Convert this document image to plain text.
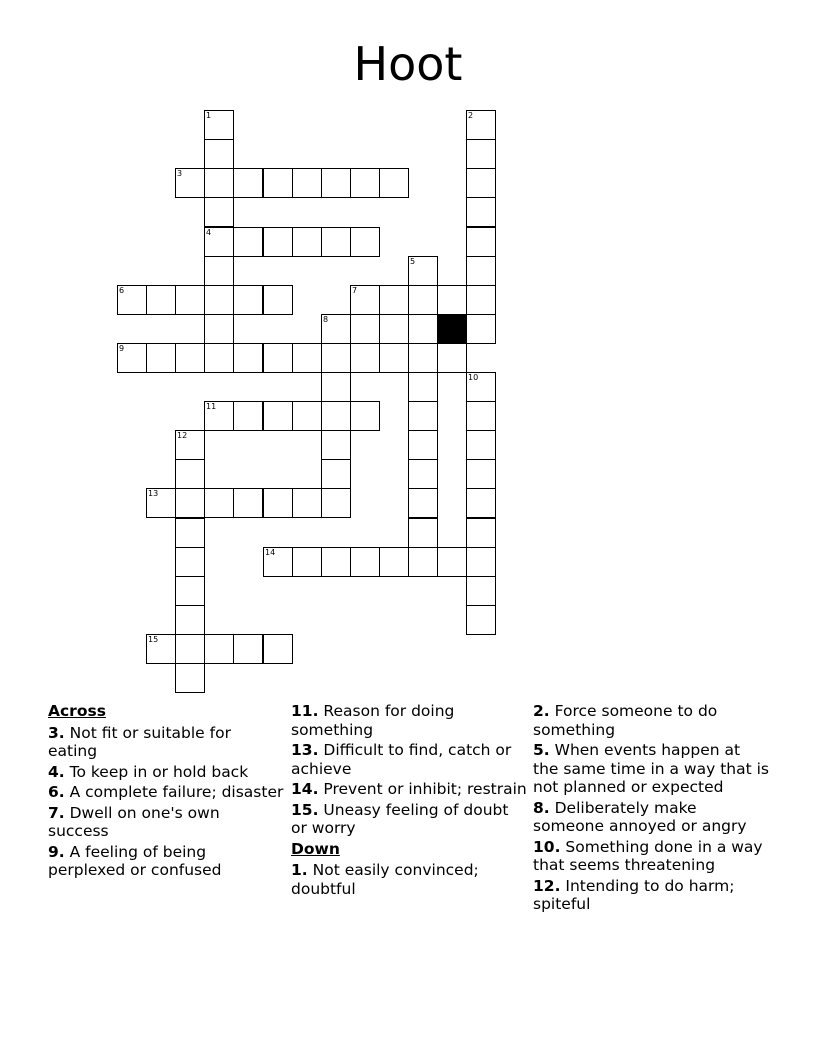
Hoot
1	2
3
4
5
6	7
8
9
10
11
12
13
14
15
Across
3. Not fit or suitable for eating
4. To keep in or hold back
6. A complete failure; disaster
7. Dwell on one's own success
9. A feeling of being perplexed or confused
11. Reason for doing something
13. Difficult to find, catch or achieve
14. Prevent or inhibit; restrain
15. Uneasy feeling of doubt or worry
Down
1. Not easily convinced; doubtful
2. Force someone to do something
5. When events happen at the same time in a way that is not planned or expected
8. Deliberately make someone annoyed or angry
10. Something done in a way that seems threatening
12. Intending to do harm; spiteful
